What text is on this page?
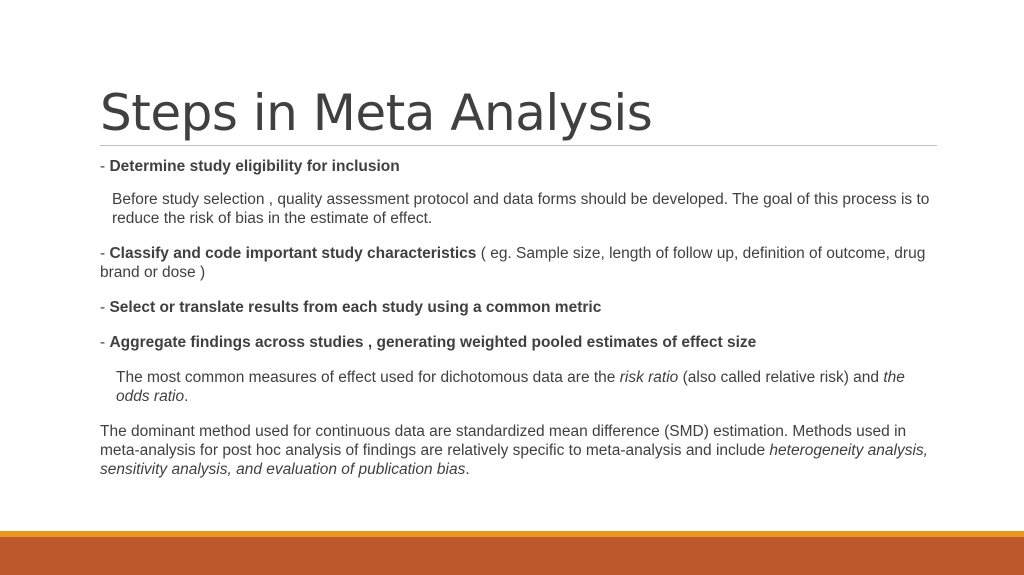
Steps in Meta Analysis

- Determine study eligibility for inclusion

Before study selection , quality assessment protocol and data forms should be developed. The goal of this process is to reduce the risk of bias in the estimate of effect.

- Classify and code important study characteristics ( eg. Sample size, length of follow up, definition of outcome, drug brand or dose )

- Select or translate results from each study using a common metric

- Aggregate findings across studies , generating weighted pooled estimates of effect size

The most common measures of effect used for dichotomous data are the risk ratio (also called relative risk) and the odds ratio.

The dominant method used for continuous data are standardized mean difference (SMD) estimation. Methods used in meta-analysis for post hoc analysis of findings are relatively specific to meta-analysis and include heterogeneity analysis, sensitivity analysis, and evaluation of publication bias.
